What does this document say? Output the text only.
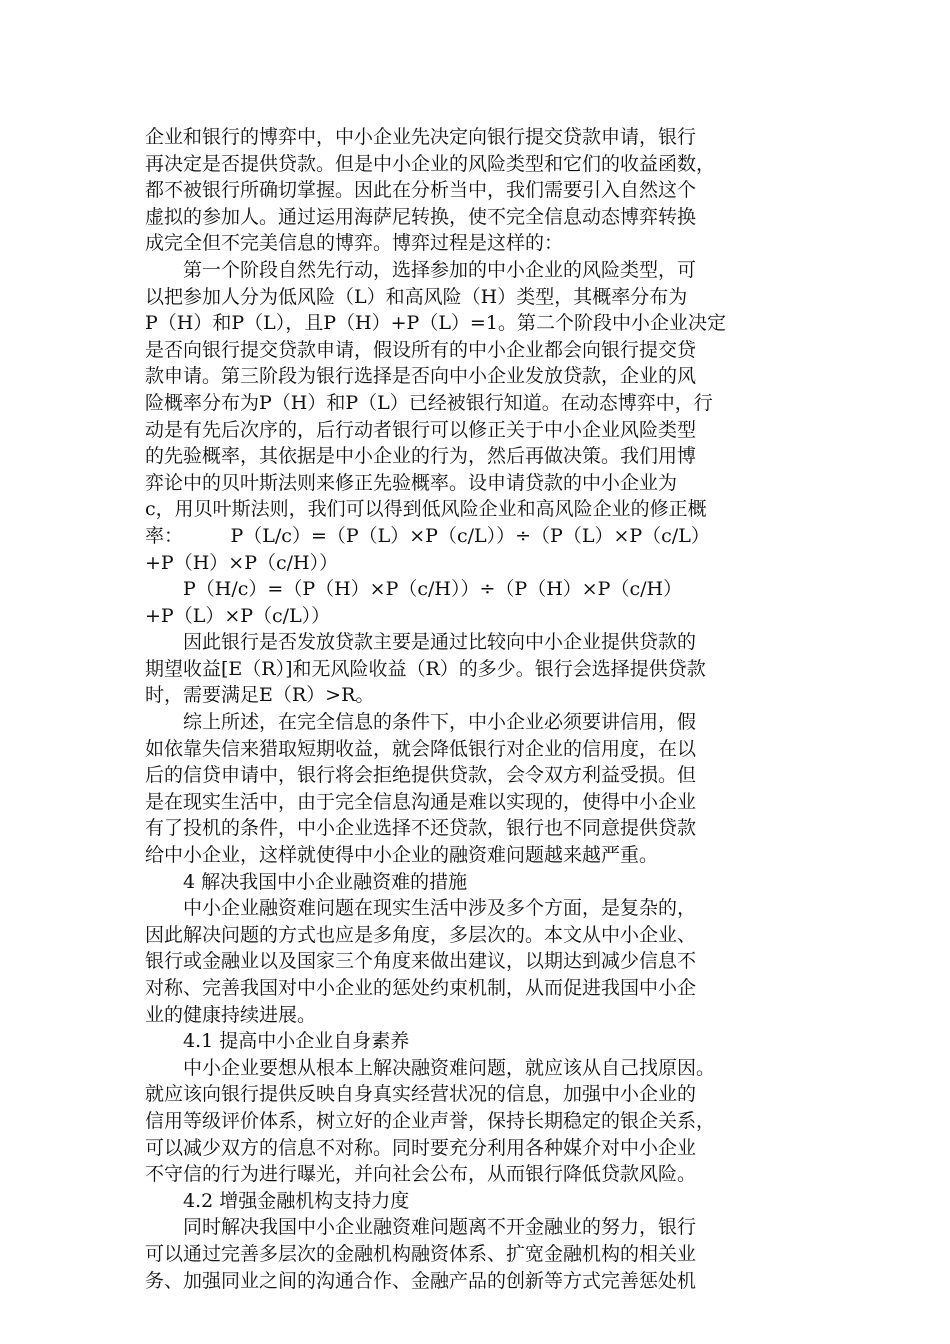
企业和银行的博弈中，中小企业先决定向银行提交贷款申请，银行
再决定是否提供贷款。但是中小企业的风险类型和它们的收益函数，
都不被银行所确切掌握。因此在分析当中，我们需要引入自然这个
虚拟的参加人。通过运用海萨尼转换，使不完全信息动态博弈转换
成完全但不完美信息的博弈。博弈过程是这样的：
　　第一个阶段自然先行动，选择参加的中小企业的风险类型，可
以把参加人分为低风险（L）和高风险（H）类型，其概率分布为
P（H）和P（L），且P（H）+P（L）=1。第二个阶段中小企业决定
是否向银行提交贷款申请，假设所有的中小企业都会向银行提交贷
款申请。第三阶段为银行选择是否向中小企业发放贷款，企业的风
险概率分布为P（H）和P（L）已经被银行知道。在动态博弈中，行
动是有先后次序的，后行动者银行可以修正关于中小企业风险类型
的先验概率，其依据是中小企业的行为，然后再做决策。我们用博
弈论中的贝叶斯法则来修正先验概率。设申请贷款的中小企业为
c，用贝叶斯法则，我们可以得到低风险企业和高风险企业的修正概
率：　　　P（L/c）=（P（L）×P（c/L））÷（P（L）×P（c/L）
+P（H）×P（c/H））
　　P（H/c）=（P（H）×P（c/H））÷（P（H）×P（c/H）
+P（L）×P（c/L））
　　因此银行是否发放贷款主要是通过比较向中小企业提供贷款的
期望收益[E（R）]和无风险收益（R）的多少。银行会选择提供贷款
时，需要满足E（R）>R。
　　综上所述，在完全信息的条件下，中小企业必须要讲信用，假
如依靠失信来猎取短期收益，就会降低银行对企业的信用度，在以
后的信贷申请中，银行将会拒绝提供贷款，会令双方利益受损。但
是在现实生活中，由于完全信息沟通是难以实现的，使得中小企业
有了投机的条件，中小企业选择不还贷款，银行也不同意提供贷款
给中小企业，这样就使得中小企业的融资难问题越来越严重。
　　4 解决我国中小企业融资难的措施
　　中小企业融资难问题在现实生活中涉及多个方面，是复杂的，
因此解决问题的方式也应是多角度，多层次的。本文从中小企业、
银行或金融业以及国家三个角度来做出建议，以期达到减少信息不
对称、完善我国对中小企业的惩处约束机制，从而促进我国中小企
业的健康持续进展。
　　4.1 提高中小企业自身素养
　　中小企业要想从根本上解决融资难问题，就应该从自己找原因。
就应该向银行提供反映自身真实经营状况的信息，加强中小企业的
信用等级评价体系，树立好的企业声誉，保持长期稳定的银企关系，
可以减少双方的信息不对称。同时要充分利用各种媒介对中小企业
不守信的行为进行曝光，并向社会公布，从而银行降低贷款风险。
　　4.2 增强金融机构支持力度
　　同时解决我国中小企业融资难问题离不开金融业的努力，银行
可以通过完善多层次的金融机构融资体系、扩宽金融机构的相关业
务、加强同业之间的沟通合作、金融产品的创新等方式完善惩处机
